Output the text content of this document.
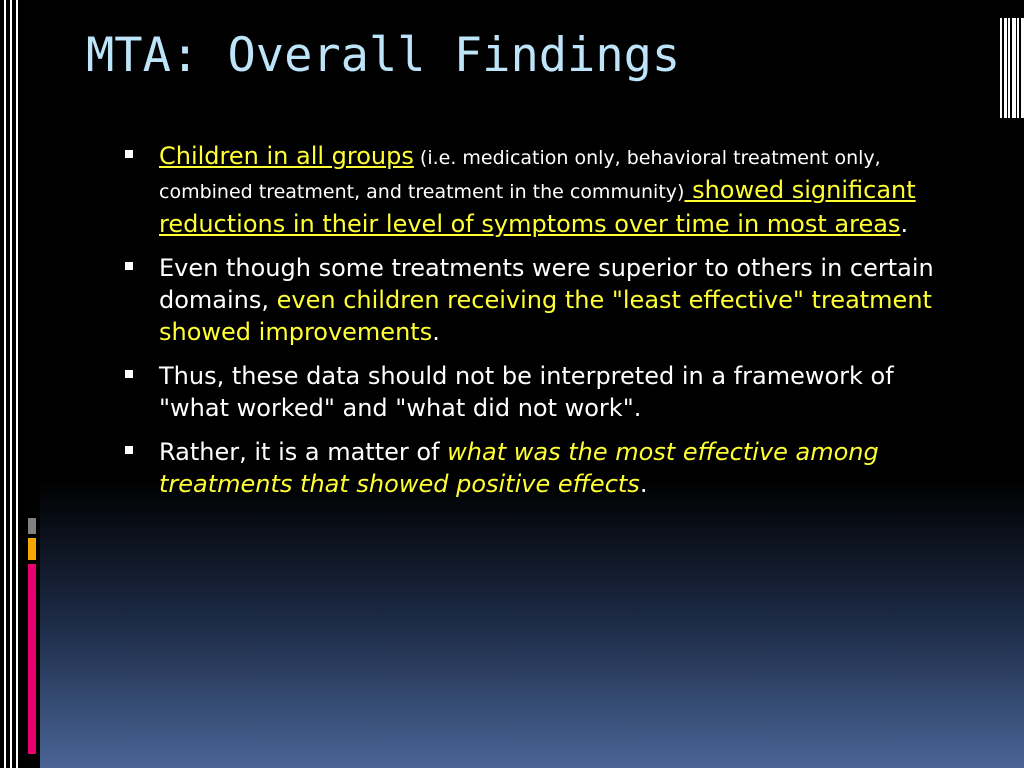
MTA: Overall Findings
Children in all groups (i.e. medication only, behavioral treatment only, combined treatment, and treatment in the community) showed significant reductions in their level of symptoms over time in most areas.
Even though some treatments were superior to others in certain domains, even children receiving the "least effective" treatment showed improvements.
Thus, these data should not be interpreted in a framework of "what worked" and "what did not work".
Rather, it is a matter of what was the most effective among treatments that showed positive effects.
